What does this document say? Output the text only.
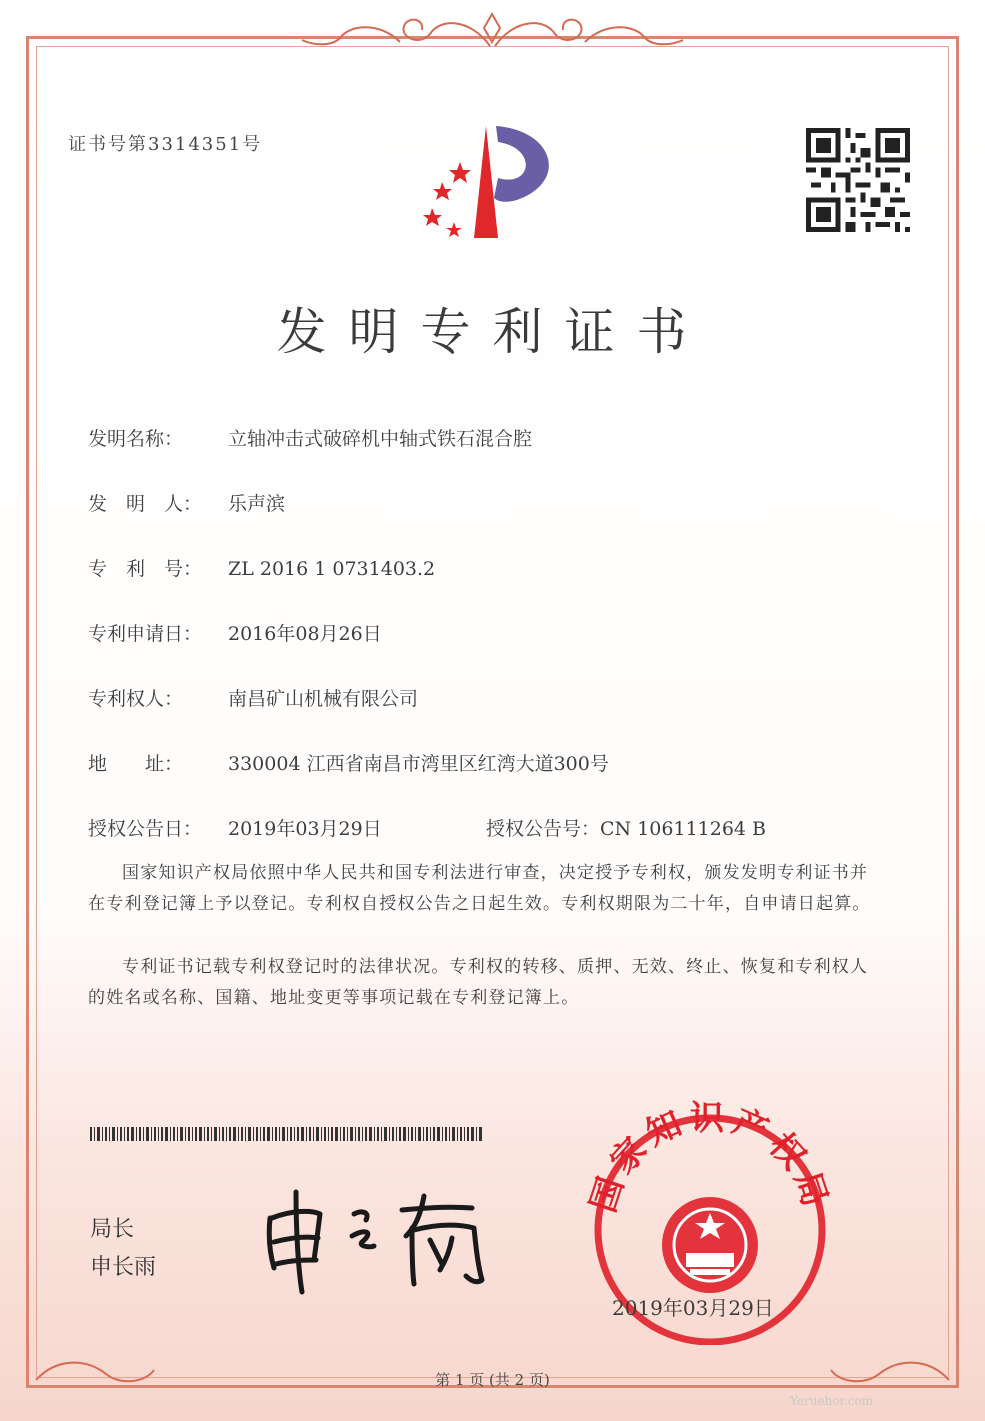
证书号第3314351号
发明专利证书
发明名称： 立轴冲击式破碎机中轴式铁石混合腔
发　明　人： 乐声滨
专　利　号： ZL 2016 1 0731403.2
专利申请日： 2016年08月26日
专利权人： 南昌矿山机械有限公司
地　　址： 330004 江西省南昌市湾里区红湾大道300号
授权公告日： 2019年03月29日	授权公告号：CN 106111264 B
国家知识产权局依照中华人民共和国专利法进行审查，决定授予专利权，颁发发明专利证书并在专利登记簿上予以登记。专利权自授权公告之日起生效。专利权期限为二十年，自申请日起算。
专利证书记载专利权登记时的法律状况。专利权的转移、质押、无效、终止、恢复和专利权人的姓名或名称、国籍、地址变更等事项记载在专利登记簿上。
局长
申长雨
国家知识产权局
2019年03月29日
第 1 页 (共 2 页)
Yeruehor.com
